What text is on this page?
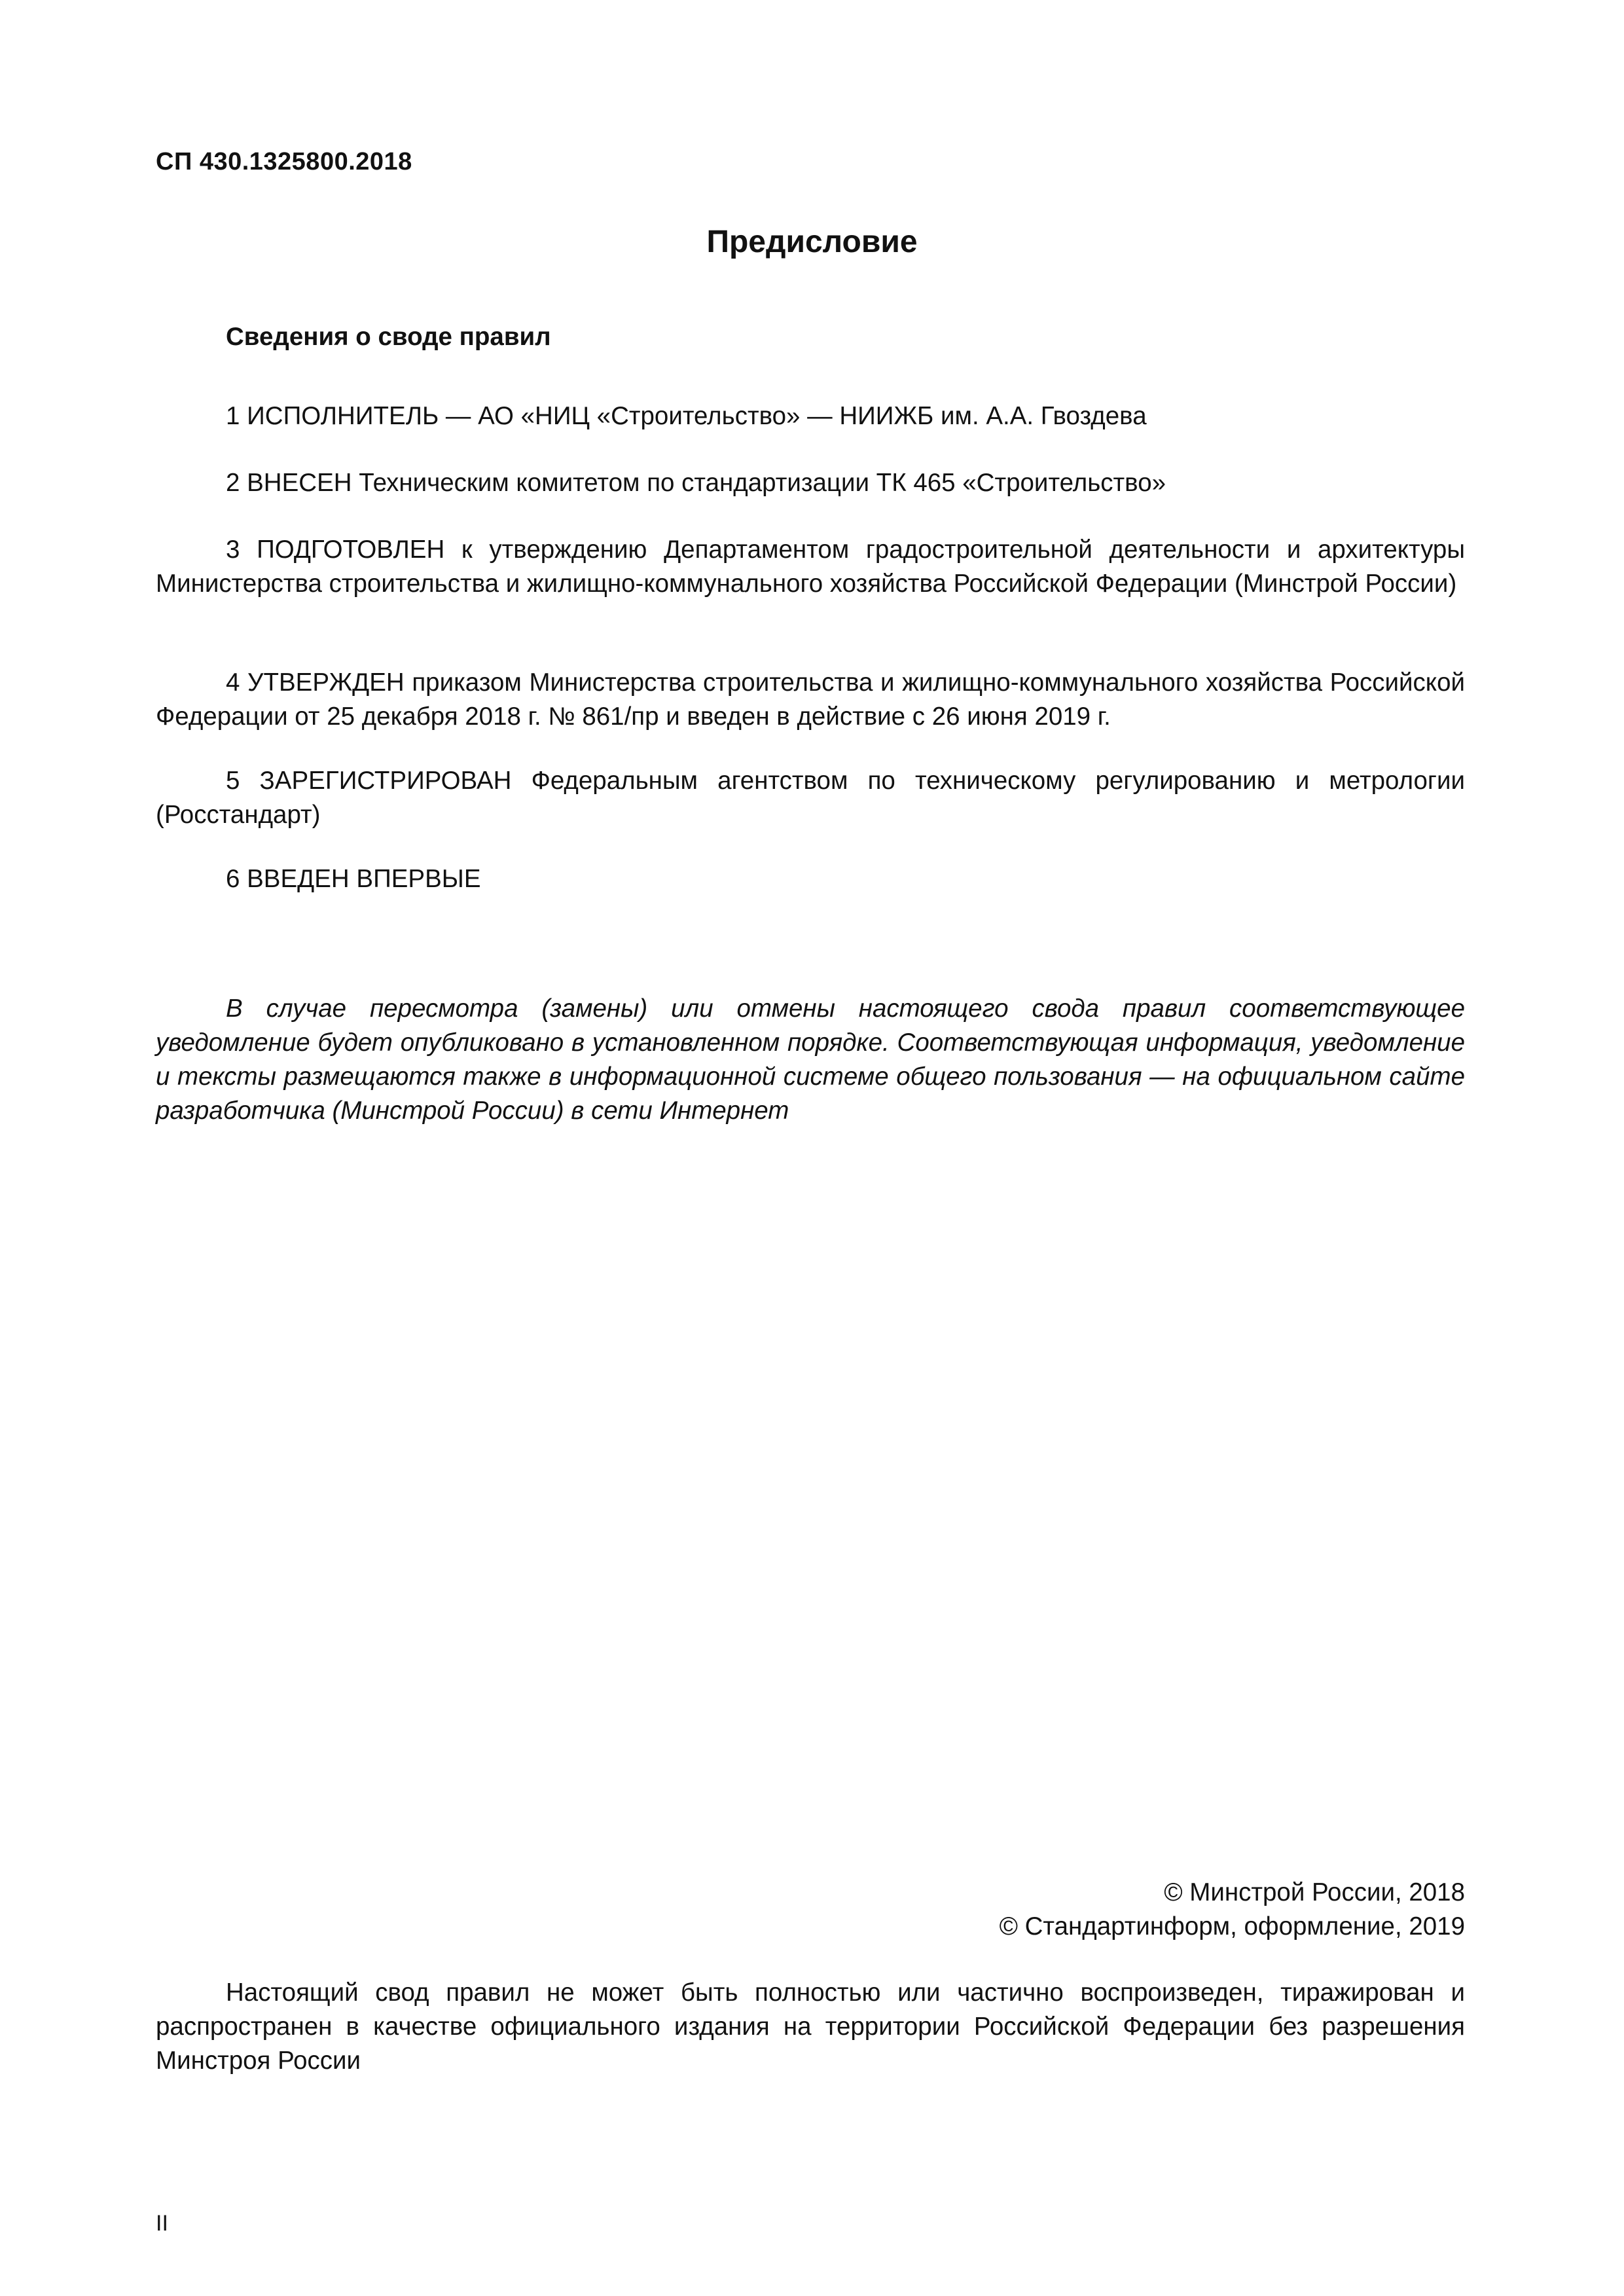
СП 430.1325800.2018
Предисловие

Сведения о своде правил

1 ИСПОЛНИТЕЛЬ — АО «НИЦ «Строительство» — НИИЖБ им. А.А. Гвоздева

2 ВНЕСЕН Техническим комитетом по стандартизации ТК 465 «Строительство»

3 ПОДГОТОВЛЕН к утверждению Департаментом градостроительной деятельности и архитектуры Министерства строительства и жилищно-коммунального хозяйства Российской Федерации (Минстрой России)

4 УТВЕРЖДЕН приказом Министерства строительства и жилищно-коммунального хозяйства Российской Федерации от 25 декабря 2018 г. № 861/пр и введен в действие с 26 июня 2019 г.

5 ЗАРЕГИСТРИРОВАН Федеральным агентством по техническому регулированию и метрологии (Росстандарт)

6 ВВЕДЕН ВПЕРВЫЕ

В случае пересмотра (замены) или отмены настоящего свода правил соответствующее уведомление будет опубликовано в установленном порядке. Соответствующая информация, уведомление и тексты размещаются также в информационной системе общего пользования — на официальном сайте разработчика (Минстрой России) в сети Интернет

© Минстрой России, 2018

© Стандартинформ, оформление, 2019

Настоящий свод правил не может быть полностью или частично воспроизведен, тиражирован и распространен в качестве официального издания на территории Российской Федерации без разрешения Минстроя России

II
